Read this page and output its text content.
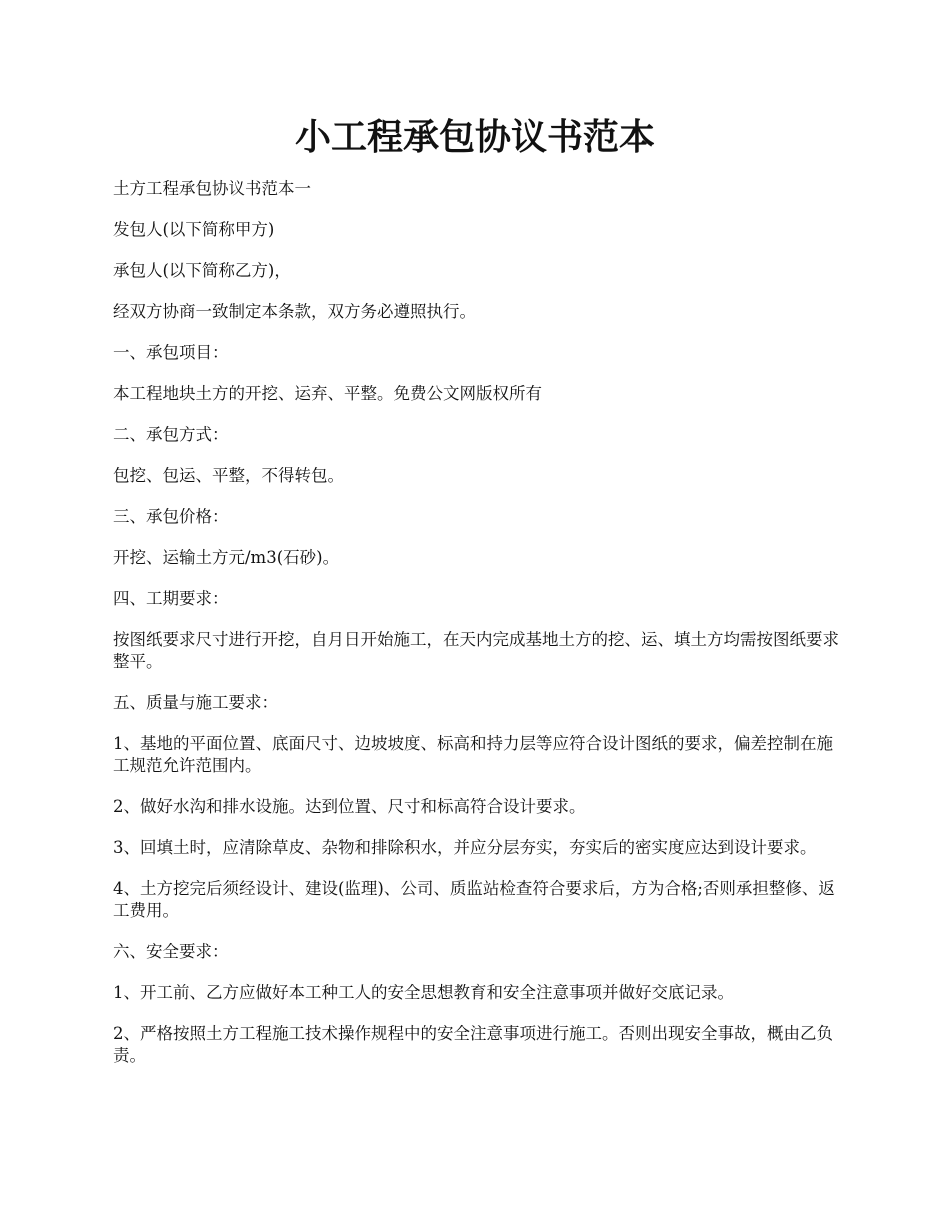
小工程承包协议书范本

土方工程承包协议书范本一

发包人(以下简称甲方)

承包人(以下简称乙方)，

经双方协商一致制定本条款，双方务必遵照执行。

一、承包项目：

本工程地块土方的开挖、运弃、平整。免费公文网版权所有

二、承包方式：

包挖、包运、平整，不得转包。

三、承包价格：

开挖、运输土方元/m3(石砂)。

四、工期要求：

按图纸要求尺寸进行开挖，自月日开始施工，在天内完成基地土方的挖、运、填土方均需按图纸要求整平。

五、质量与施工要求：

1、基地的平面位置、底面尺寸、边坡坡度、标高和持力层等应符合设计图纸的要求，偏差控制在施工规范允许范围内。

2、做好水沟和排水设施。达到位置、尺寸和标高符合设计要求。

3、回填土时，应清除草皮、杂物和排除积水，并应分层夯实，夯实后的密实度应达到设计要求。

4、土方挖完后须经设计、建设(监理)、公司、质监站检查符合要求后，方为合格;否则承担整修、返工费用。

六、安全要求：

1、开工前、乙方应做好本工种工人的安全思想教育和安全注意事项并做好交底记录。

2、严格按照土方工程施工技术操作规程中的安全注意事项进行施工。否则出现安全事故，概由乙负责。
